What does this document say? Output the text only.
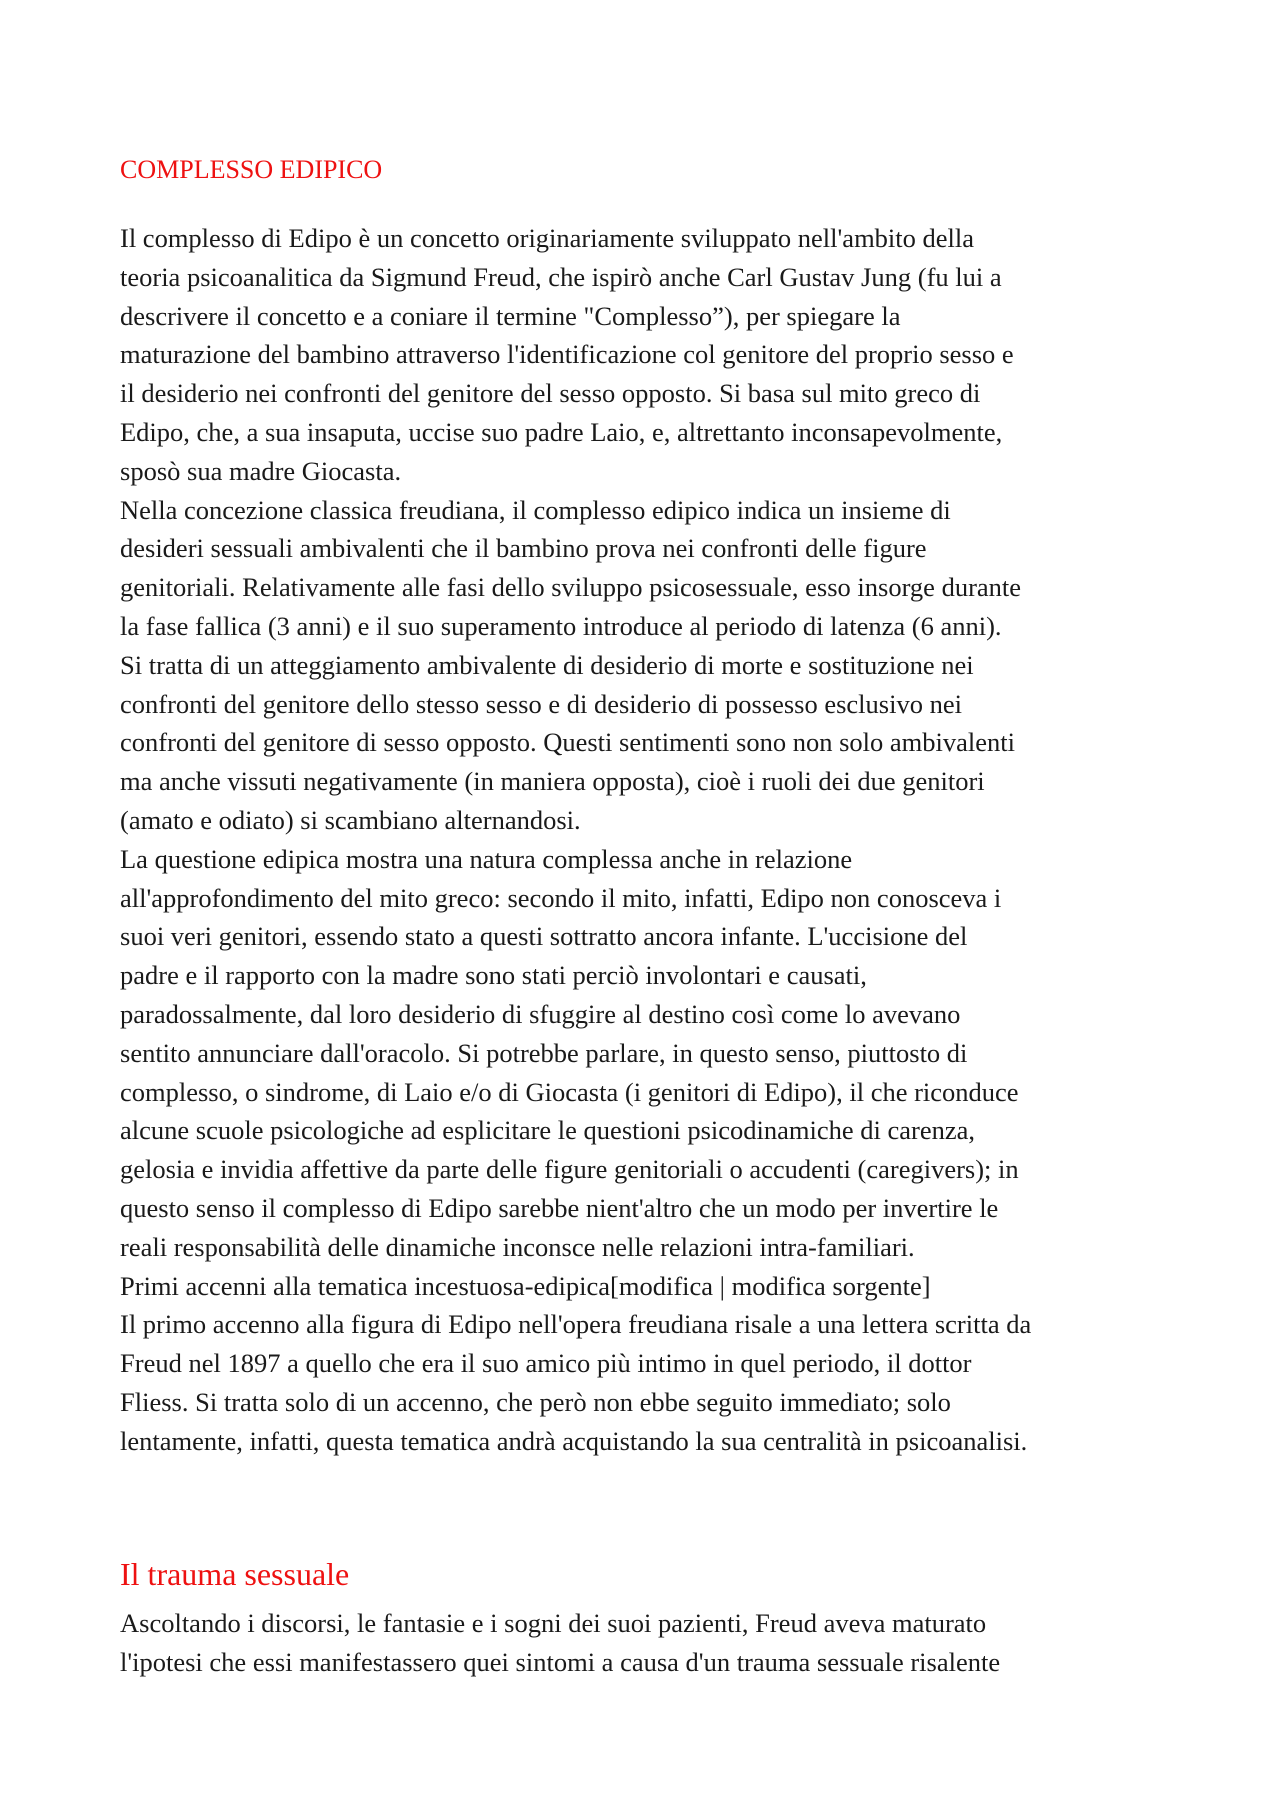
COMPLESSO EDIPICO
Il complesso di Edipo è un concetto originariamente sviluppato nell'ambito della
teoria psicoanalitica da Sigmund Freud, che ispirò anche Carl Gustav Jung (fu lui a
descrivere il concetto e a coniare il termine "Complesso”), per spiegare la
maturazione del bambino attraverso l'identificazione col genitore del proprio sesso e
il desiderio nei confronti del genitore del sesso opposto. Si basa sul mito greco di
Edipo, che, a sua insaputa, uccise suo padre Laio, e, altrettanto inconsapevolmente,
sposò sua madre Giocasta.
Nella concezione classica freudiana, il complesso edipico indica un insieme di
desideri sessuali ambivalenti che il bambino prova nei confronti delle figure
genitoriali. Relativamente alle fasi dello sviluppo psicosessuale, esso insorge durante
la fase fallica (3 anni) e il suo superamento introduce al periodo di latenza (6 anni).
Si tratta di un atteggiamento ambivalente di desiderio di morte e sostituzione nei
confronti del genitore dello stesso sesso e di desiderio di possesso esclusivo nei
confronti del genitore di sesso opposto. Questi sentimenti sono non solo ambivalenti
ma anche vissuti negativamente (in maniera opposta), cioè i ruoli dei due genitori
(amato e odiato) si scambiano alternandosi.
La questione edipica mostra una natura complessa anche in relazione
all'approfondimento del mito greco: secondo il mito, infatti, Edipo non conosceva i
suoi veri genitori, essendo stato a questi sottratto ancora infante. L'uccisione del
padre e il rapporto con la madre sono stati perciò involontari e causati,
paradossalmente, dal loro desiderio di sfuggire al destino così come lo avevano
sentito annunciare dall'oracolo. Si potrebbe parlare, in questo senso, piuttosto di
complesso, o sindrome, di Laio e/o di Giocasta (i genitori di Edipo), il che riconduce
alcune scuole psicologiche ad esplicitare le questioni psicodinamiche di carenza,
gelosia e invidia affettive da parte delle figure genitoriali o accudenti (caregivers); in
questo senso il complesso di Edipo sarebbe nient'altro che un modo per invertire le
reali responsabilità delle dinamiche inconsce nelle relazioni intra-familiari.
Primi accenni alla tematica incestuosa-edipica[modifica | modifica sorgente]
Il primo accenno alla figura di Edipo nell'opera freudiana risale a una lettera scritta da
Freud nel 1897 a quello che era il suo amico più intimo in quel periodo, il dottor
Fliess. Si tratta solo di un accenno, che però non ebbe seguito immediato; solo
lentamente, infatti, questa tematica andrà acquistando la sua centralità in psicoanalisi.
Il trauma sessuale
Ascoltando i discorsi, le fantasie e i sogni dei suoi pazienti, Freud aveva maturato
l'ipotesi che essi manifestassero quei sintomi a causa d'un trauma sessuale risalente
